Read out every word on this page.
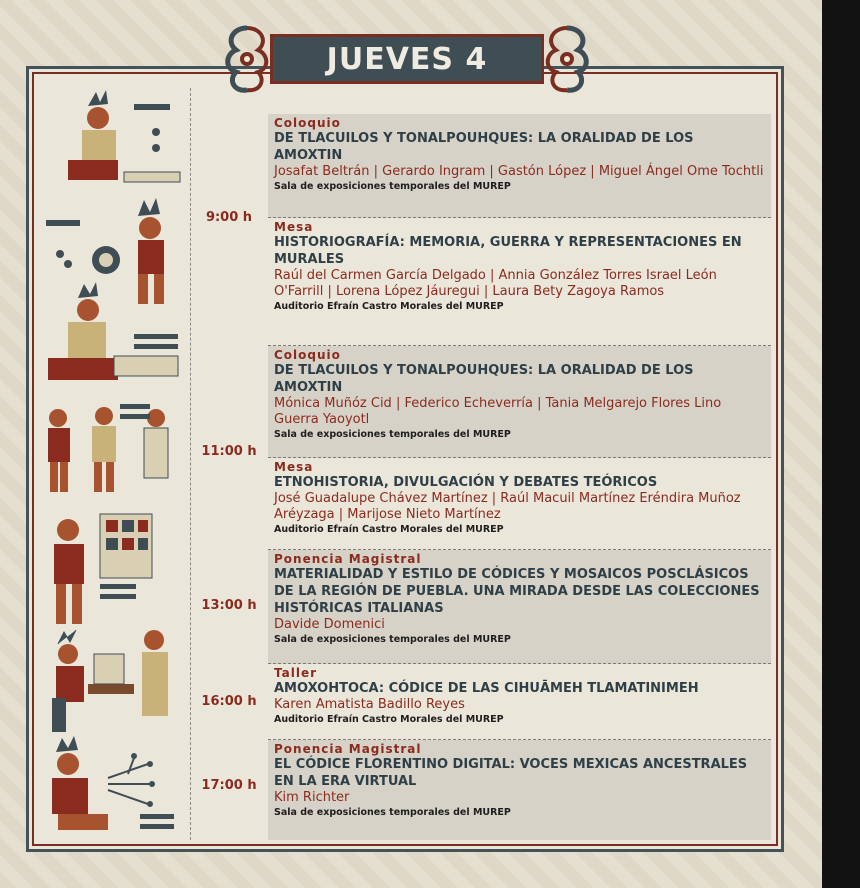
JUEVES 4
9:00 h
11:00 h
13:00 h
16:00 h
17:00 h
Coloquio
DE TLACUILOS Y TONALPOUHQUES: LA ORALIDAD DE LOS AMOXTIN
Josafat Beltrán | Gerardo Ingram | Gastón López | Miguel Ángel Ome Tochtli
Sala de exposiciones temporales del MUREP
Mesa
HISTORIOGRAFÍA: MEMORIA, GUERRA Y REPRESENTACIONES EN MURALES
Raúl del Carmen García Delgado | Annia González Torres Israel León O'Farrill | Lorena López Jáuregui | Laura Bety Zagoya Ramos
Auditorio Efraín Castro Morales del MUREP
Coloquio
DE TLACUILOS Y TONALPOUHQUES: LA ORALIDAD DE LOS AMOXTIN
Mónica Muñóz Cid | Federico Echeverría | Tania Melgarejo Flores Lino Guerra Yaoyotl
Sala de exposiciones temporales del MUREP
Mesa
ETNOHISTORIA, DIVULGACIÓN Y DEBATES TEÓRICOS
José Guadalupe Chávez Martínez | Raúl Macuil Martínez Eréndira Muñoz Aréyzaga | Marijose Nieto Martínez
Auditorio Efraín Castro Morales del MUREP
Ponencia Magistral
MATERIALIDAD Y ESTILO DE CÓDICES Y MOSAICOS POSCLÁSICOS DE LA REGIÓN DE PUEBLA. UNA MIRADA DESDE LAS COLECCIONES HISTÓRICAS ITALIANAS
Davide Domenici
Sala de exposiciones temporales del MUREP
Taller
AMOXOHTOCA: CÓDICE DE LAS CIHUĀMEH TLAMATINIMEH
Karen Amatista Badillo Reyes
Auditorio Efraín Castro Morales del MUREP
Ponencia Magistral
EL CÓDICE FLORENTINO DIGITAL: VOCES MEXICAS ANCESTRALES EN LA ERA VIRTUAL
Kim Richter
Sala de exposiciones temporales del MUREP
